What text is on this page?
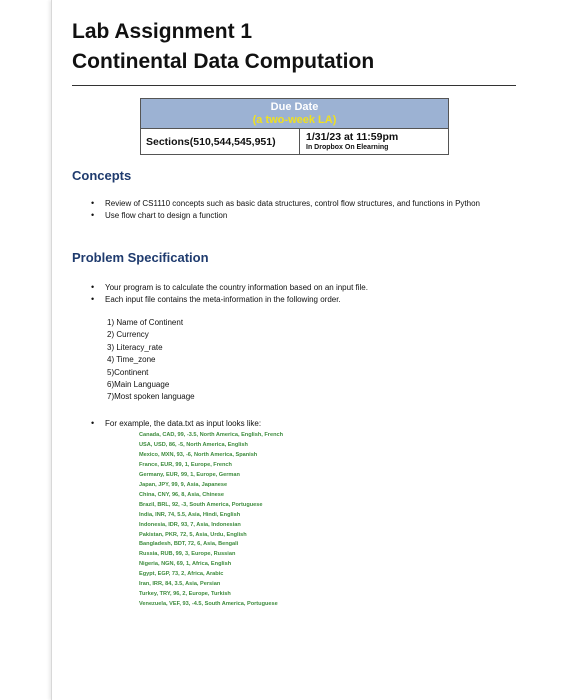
Lab Assignment 1
Continental Data Computation
Due Date
(a two-week LA)
Sections(510,544,545,951)	1/31/23 at 11:59pm
In Dropbox On Elearning
Concepts
• Review of CS1110 concepts such as basic data structures, control flow structures, and functions in Python
• Use flow chart to design a function
Problem Specification
• Your program is to calculate the country information based on an input file.
• Each input file contains the meta-information in the following order.
1) Name of Continent
2) Currency
3) Literacy_rate
4) Time_zone
5)Continent
6)Main Language
7)Most spoken language
• For example, the data.txt as input looks like:
Canada, CAD, 99, -3.5, North America, English, French
USA, USD, 86, -5, North America, English
Mexico, MXN, 93, -6, North America, Spanish
France, EUR, 99, 1, Europe, French
Germany, EUR, 99, 1, Europe, German
Japan, JPY, 99, 9, Asia, Japanese
China, CNY, 96, 8, Asia, Chinese
Brazil, BRL, 92, -3, South America, Portuguese
India, INR, 74, 5.5, Asia, Hindi, English
Indonesia, IDR, 93, 7, Asia, Indonesian
Pakistan, PKR, 72, 5, Asia, Urdu, English
Bangladesh, BDT, 72, 6, Asia, Bengali
Russia, RUB, 99, 3, Europe, Russian
Nigeria, NGN, 69, 1, Africa, English
Egypt, EGP, 73, 2, Africa, Arabic
Iran, IRR, 84, 3.5, Asia, Persian
Turkey, TRY, 96, 2, Europe, Turkish
Venezuela, VEF, 93, -4.5, South America, Portuguese
